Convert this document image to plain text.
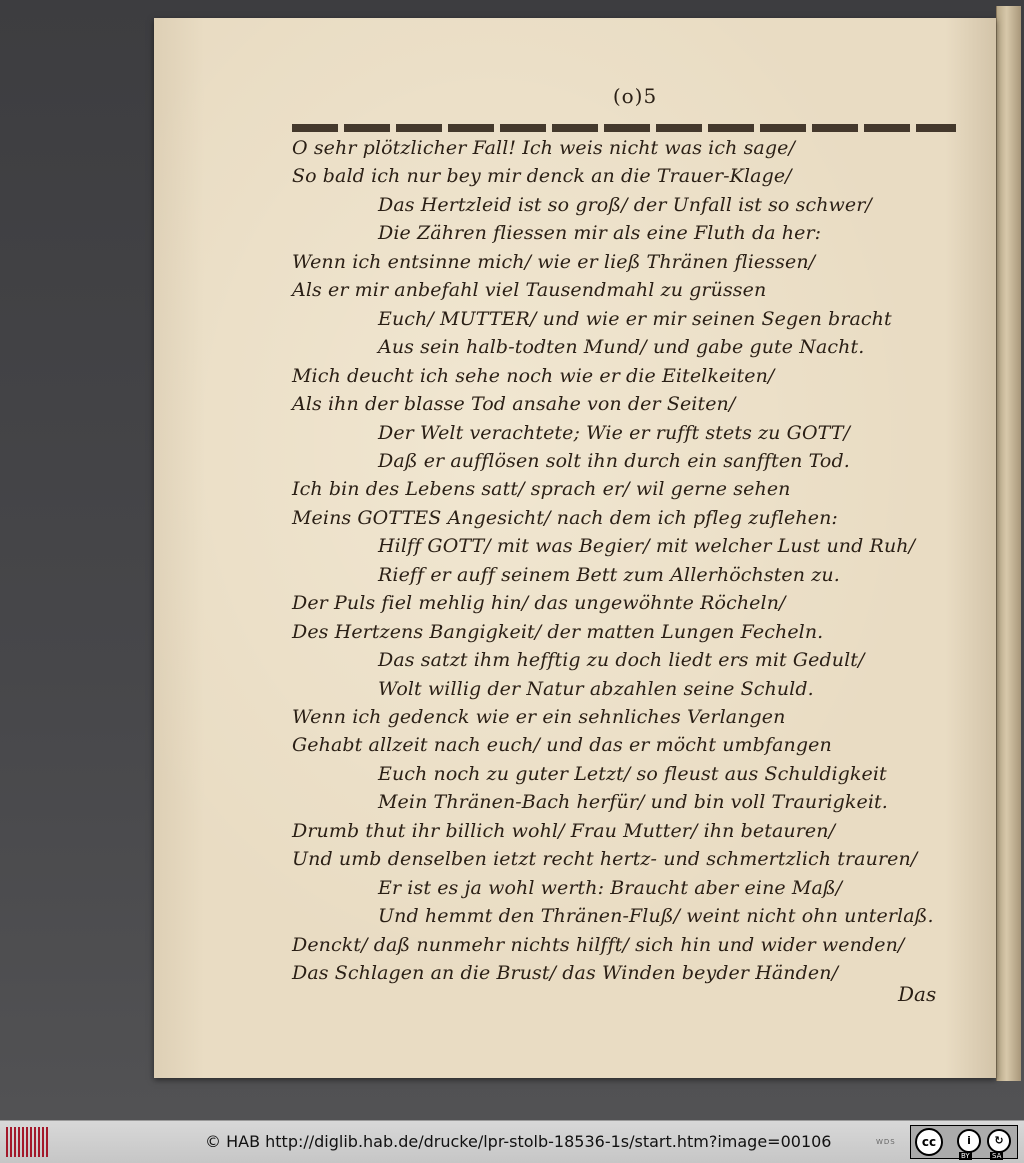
(o)5
O sehr plötzlicher Fall! Ich weis nicht was ich sage/
So bald ich nur bey mir denck an die Trauer-Klage/
Das Hertzleid ist so groß/ der Unfall ist so schwer/
Die Zähren fliessen mir als eine Fluth da her:
Wenn ich entsinne mich/ wie er ließ Thränen fliessen/
Als er mir anbefahl viel Tausendmahl zu grüssen
Euch/ MUTTER/ und wie er mir seinen Segen bracht
Aus sein halb-todten Mund/ und gabe gute Nacht.
Mich deucht ich sehe noch wie er die Eitelkeiten/
Als ihn der blasse Tod ansahe von der Seiten/
Der Welt verachtete; Wie er rufft stets zu GOTT/
Daß er aufflösen solt ihn durch ein sanfften Tod.
Ich bin des Lebens satt/ sprach er/ wil gerne sehen
Meins GOTTES Angesicht/ nach dem ich pfleg zuflehen:
Hilff GOTT/ mit was Begier/ mit welcher Lust und Ruh/
Rieff er auff seinem Bett zum Allerhöchsten zu.
Der Puls fiel mehlig hin/ das ungewöhnte Röcheln/
Des Hertzens Bangigkeit/ der matten Lungen Fecheln.
Das satzt ihm hefftig zu doch liedt ers mit Gedult/
Wolt willig der Natur abzahlen seine Schuld.
Wenn ich gedenck wie er ein sehnliches Verlangen
Gehabt allzeit nach euch/ und das er möcht umbfangen
Euch noch zu guter Letzt/ so fleust aus Schuldigkeit
Mein Thränen-Bach herfür/ und bin voll Traurigkeit.
Drumb thut ihr billich wohl/ Frau Mutter/ ihn betauren/
Und umb denselben ietzt recht hertz- und schmertzlich trauren/
Er ist es ja wohl werth: Braucht aber eine Maß/
Und hemmt den Thränen-Fluß/ weint nicht ohn unterlaß.
Denckt/ daß nunmehr nichts hilfft/ sich hin und wider wenden/
Das Schlagen an die Brust/ das Winden beyder Händen/
Das
© HAB http://diglib.hab.de/drucke/lpr-stolb-18536-1s/start.htm?image=00106	WDS	cc	i	↻
BY	SA
